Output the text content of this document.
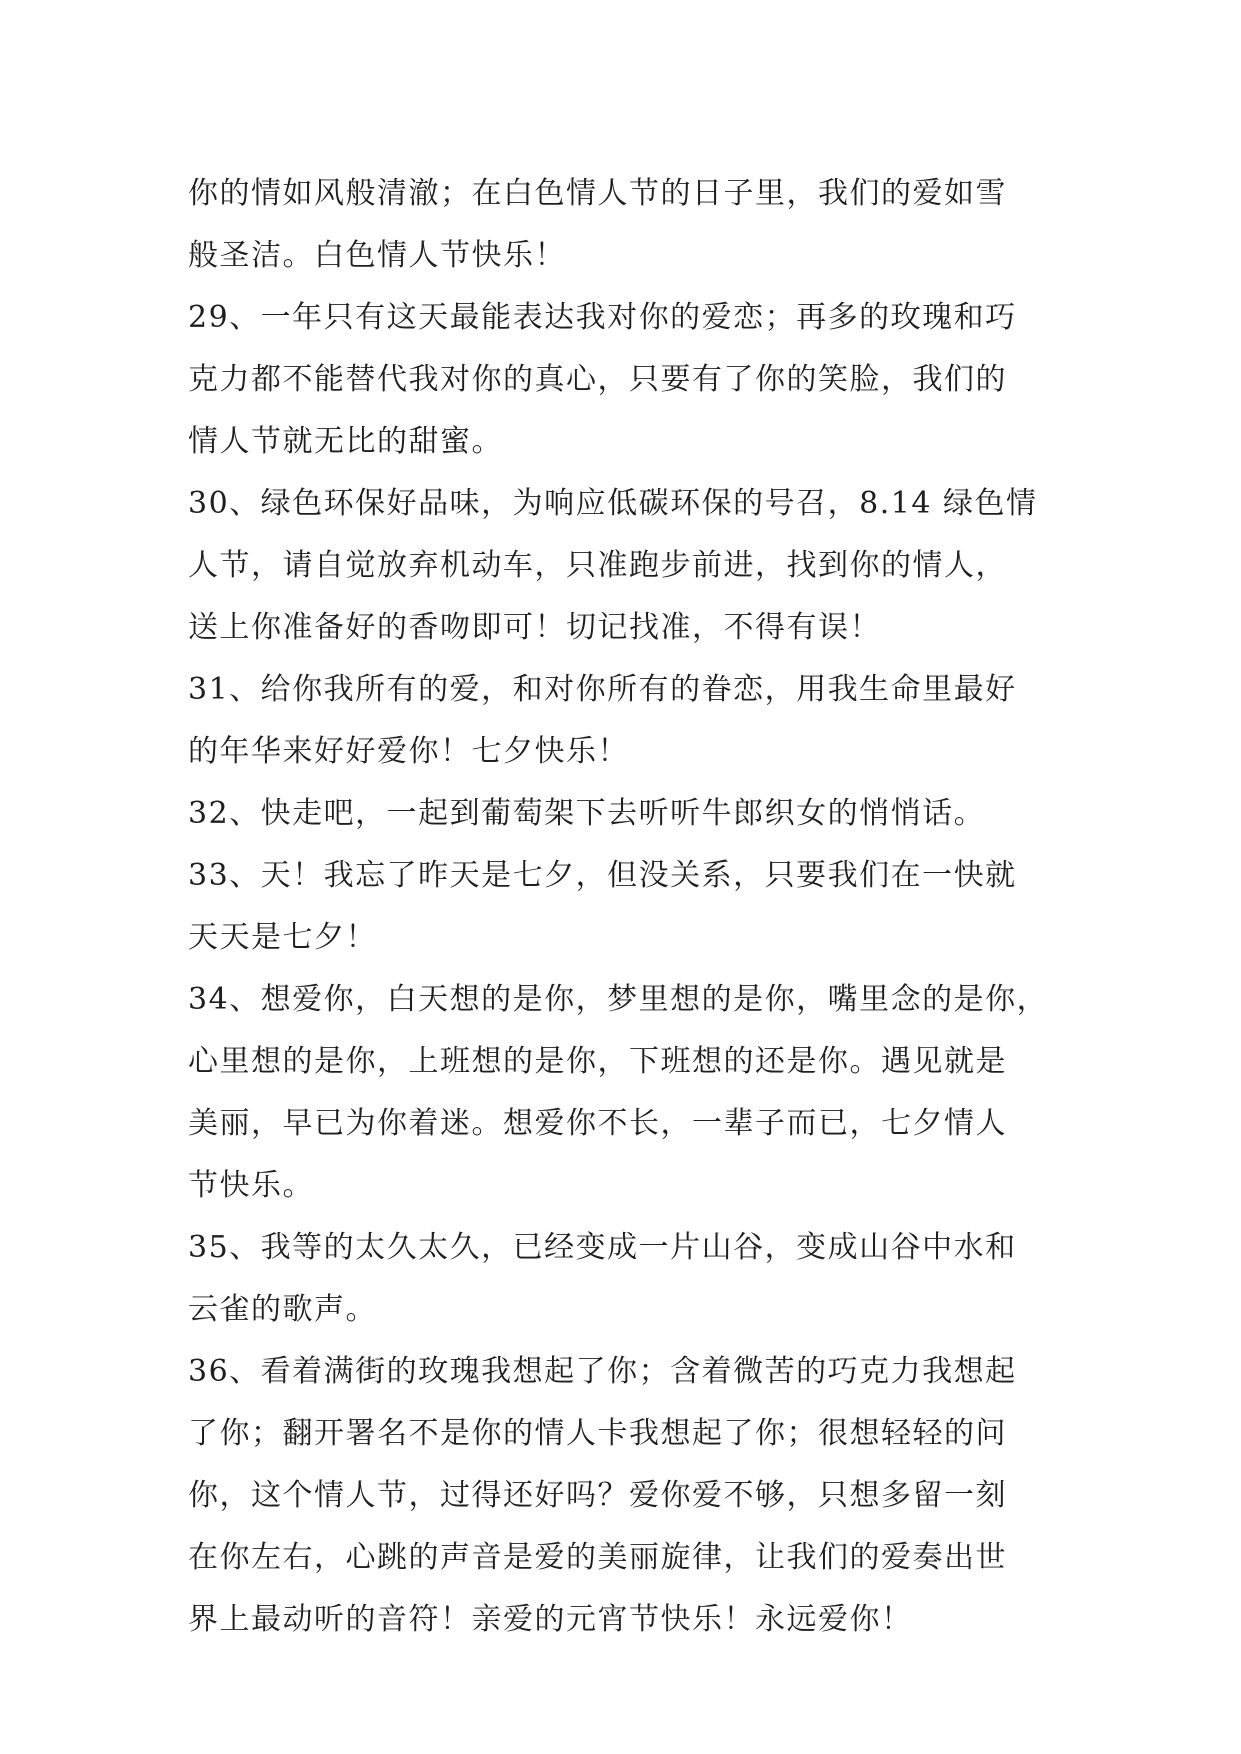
你的情如风般清澈；在白色情人节的日子里，我们的爱如雪
般圣洁。白色情人节快乐！
29、一年只有这天最能表达我对你的爱恋；再多的玫瑰和巧
克力都不能替代我对你的真心，只要有了你的笑脸，我们的
情人节就无比的甜蜜。
30、绿色环保好品味，为响应低碳环保的号召，8.14 绿色情
人节，请自觉放弃机动车，只准跑步前进，找到你的情人，
送上你准备好的香吻即可！切记找准，不得有误！
31、给你我所有的爱，和对你所有的眷恋，用我生命里最好
的年华来好好爱你！七夕快乐！
32、快走吧，一起到葡萄架下去听听牛郎织女的悄悄话。
33、天！我忘了昨天是七夕，但没关系，只要我们在一快就
天天是七夕！
34、想爱你，白天想的是你，梦里想的是你，嘴里念的是你，
心里想的是你，上班想的是你，下班想的还是你。遇见就是
美丽，早已为你着迷。想爱你不长，一辈子而已，七夕情人
节快乐。
35、我等的太久太久，已经变成一片山谷，变成山谷中水和
云雀的歌声。
36、看着满街的玫瑰我想起了你；含着微苦的巧克力我想起
了你；翻开署名不是你的情人卡我想起了你；很想轻轻的问
你，这个情人节，过得还好吗？爱你爱不够，只想多留一刻
在你左右，心跳的声音是爱的美丽旋律，让我们的爱奏出世
界上最动听的音符！亲爱的元宵节快乐！永远爱你！
